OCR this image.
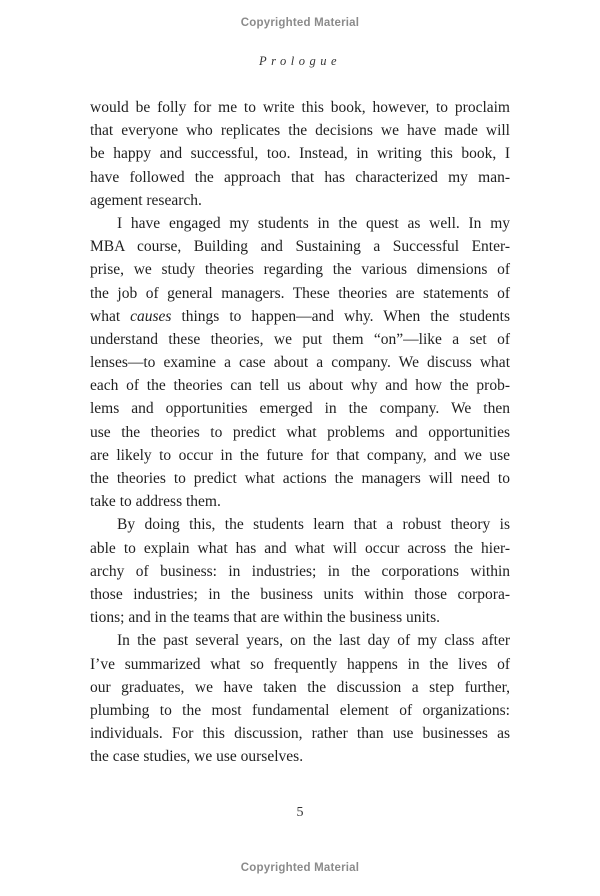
Copyrighted Material
Prologue
would be folly for me to write this book, however, to proclaim
that everyone who replicates the decisions we have made will
be happy and successful, too. Instead, in writing this book, I
have followed the approach that has characterized my man-
agement research.
I have engaged my students in the quest as well. In my
MBA course, Building and Sustaining a Successful Enter-
prise, we study theories regarding the various dimensions of
the job of general managers. These theories are statements of
what causes things to happen—and why. When the students
understand these theories, we put them “on”—like a set of
lenses—to examine a case about a company. We discuss what
each of the theories can tell us about why and how the prob-
lems and opportunities emerged in the company. We then
use the theories to predict what problems and opportunities
are likely to occur in the future for that company, and we use
the theories to predict what actions the managers will need to
take to address them.
By doing this, the students learn that a robust theory is
able to explain what has and what will occur across the hier-
archy of business: in industries; in the corporations within
those industries; in the business units within those corpora-
tions; and in the teams that are within the business units.
In the past several years, on the last day of my class after
I’ve summarized what so frequently happens in the lives of
our graduates, we have taken the discussion a step further,
plumbing to the most fundamental element of organizations:
individuals. For this discussion, rather than use businesses as
the case studies, we use ourselves.
5
Copyrighted Material
